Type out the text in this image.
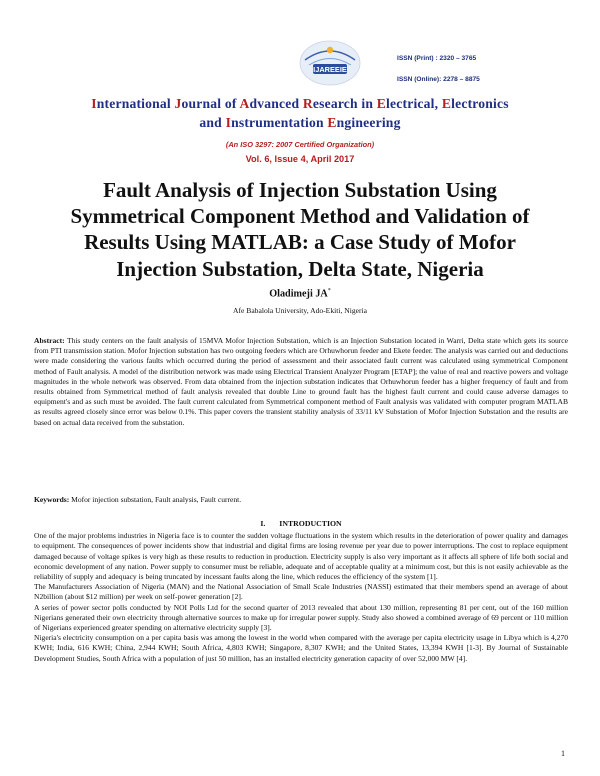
IJAREEIE
ISSN (Print) : 2320 – 3765
ISSN (Online): 2278 – 8875
International Journal of Advanced Research in Electrical, Electronics
and Instrumentation Engineering
(An ISO 3297: 2007 Certified Organization)
Vol. 6, Issue 4, April 2017
Fault Analysis of Injection Substation Using
Symmetrical Component Method and Validation of
Results Using MATLAB: a Case Study of Mofor
Injection Substation, Delta State, Nigeria
Oladimeji JA*
Afe Babalola University, Ado-Ekiti, Nigeria
Abstract: This study centers on the fault analysis of 15MVA Mofor Injection Substation, which is an Injection Substation located in Warri, Delta state which gets its source from PTI transmission station. Mofor Injection substation has two outgoing feeders which are Orhuwhorun feeder and Ekete feeder. The analysis was carried out and deductions were made considering the various faults which occurred during the period of assessment and their associated fault current was calculated using symmetrical Component method of Fault analysis. A model of the distribution network was made using Electrical Transient Analyzer Program [ETAP]; the value of real and reactive powers and voltage magnitudes in the whole network was observed. From data obtained from the injection substation indicates that Orhuwhorun feeder has a higher frequency of fault and from results obtained from Symmetrical method of fault analysis revealed that double Line to ground fault has the highest fault current and could cause adverse damages to equipment's and as such must be avoided. The fault current calculated from Symmetrical component method of Fault analysis was validated with computer program MATLAB as results agreed closely since error was below 0.1%. This paper covers the transient stability analysis of 33/11 kV Substation of Mofor Injection Substation and the results are based on actual data received from the substation.
Keywords: Mofor injection substation, Fault analysis, Fault current.
I. INTRODUCTION

One of the major problems industries in Nigeria face is to counter the sudden voltage fluctuations in the system which results in the deterioration of power quality and damages to equipment. The consequences of power incidents show that industrial and digital firms are losing revenue per year due to power interruptions. The cost to replace equipment damaged because of voltage spikes is very high as these results to reduction in production. Electricity supply is also very important as it affects all sphere of life both social and economic development of any nation. Power supply to consumer must be reliable, adequate and of acceptable quality at a minimum cost, but this is not easily achievable as the reliability of supply and adequacy is being truncated by incessant faults along the line, which reduces the efficiency of the system [1].

The Manufacturers Association of Nigeria (MAN) and the National Association of Small Scale Industries (NASSI) estimated that their members spend an average of about N2billion (about $12 million) per week on self-power generation [2].

A series of power sector polls conducted by NOI Polls Ltd for the second quarter of 2013 revealed that about 130 million, representing 81 per cent, out of the 160 million Nigerians generated their own electricity through alternative sources to make up for irregular power supply. Study also showed a combined average of 69 percent or 110 million of Nigerians experienced greater spending on alternative electricity supply [3].

Nigeria's electricity consumption on a per capita basis was among the lowest in the world when compared with the average per capita electricity usage in Libya which is 4,270 KWH; India, 616 KWH; China, 2,944 KWH; South Africa, 4,803 KWH; Singapore, 8,307 KWH; and the United States, 13,394 KWH [1-3]. By Journal of Sustainable Development Studies, South Africa with a population of just 50 million, has an installed electricity generation capacity of over 52,000 MW [4].

1
